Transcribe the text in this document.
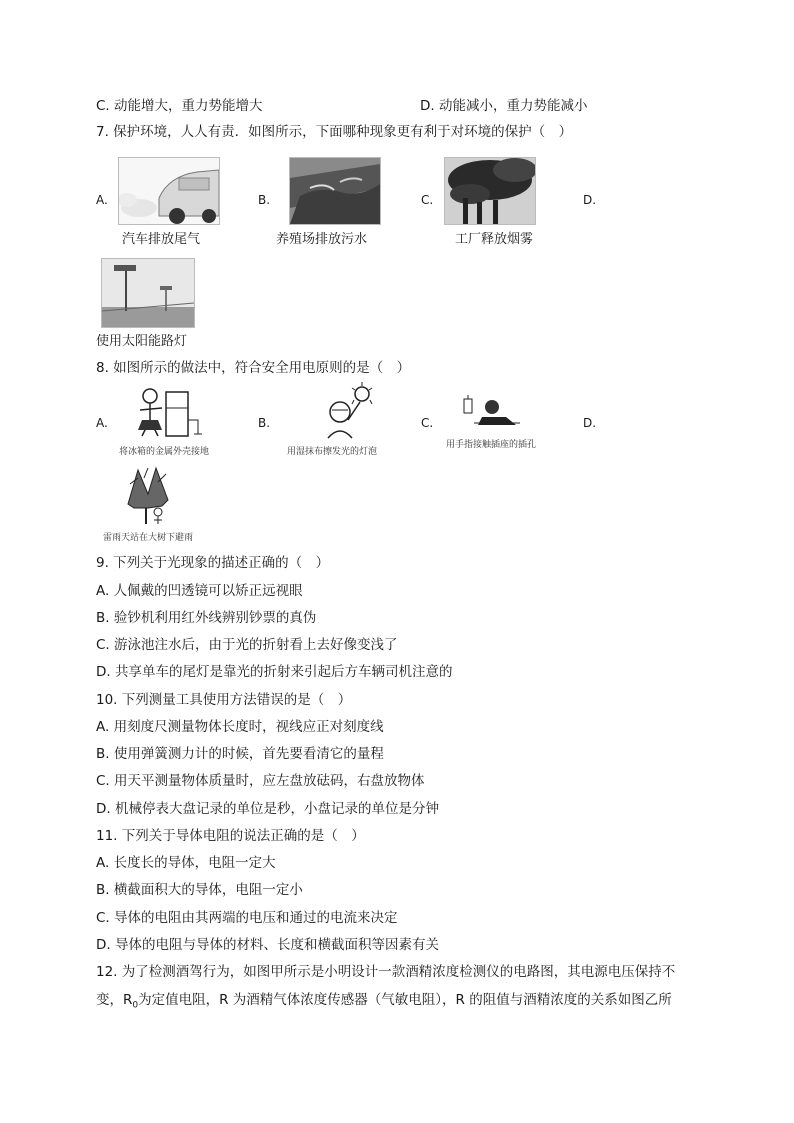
C. 动能增大，重力势能增大	D. 动能减小，重力势能减小
7. 保护环境，人人有责．如图所示，下面哪种现象更有利于对环境的保护（　）
A.
汽车排放尾气
B.
养殖场排放污水
C.
工厂释放烟雾
D.
使用太阳能路灯
8. 如图所示的做法中，符合安全用电原则的是（　）
A.
将冰箱的金属外壳接地
B.
用湿抹布擦发光的灯泡
C.
用手指接触插座的插孔
D.
雷雨天站在大树下避雨
9. 下列关于光现象的描述正确的（　）
A. 人佩戴的凹透镜可以矫正远视眼
B. 验钞机利用红外线辨别钞票的真伪
C. 游泳池注水后，由于光的折射看上去好像变浅了
D. 共享单车的尾灯是靠光的折射来引起后方车辆司机注意的
10. 下列测量工具使用方法错误的是（　）
A. 用刻度尺测量物体长度时，视线应正对刻度线
B. 使用弹簧测力计的时候，首先要看清它的量程
C. 用天平测量物体质量时，应左盘放砝码，右盘放物体
D. 机械停表大盘记录的单位是秒，小盘记录的单位是分钟
11. 下列关于导体电阻的说法正确的是（　）
A. 长度长的导体，电阻一定大
B. 横截面积大的导体，电阻一定小
C. 导体的电阻由其两端的电压和通过的电流来决定
D. 导体的电阻与导体的材料、长度和横截面积等因素有关
12. 为了检测酒驾行为，如图甲所示是小明设计一款酒精浓度检测仪的电路图，其电源电压保持不
变，$R_0$为定值电阻，R 为酒精气体浓度传感器（气敏电阻），R 的阻值与酒精浓度的关系如图乙所
